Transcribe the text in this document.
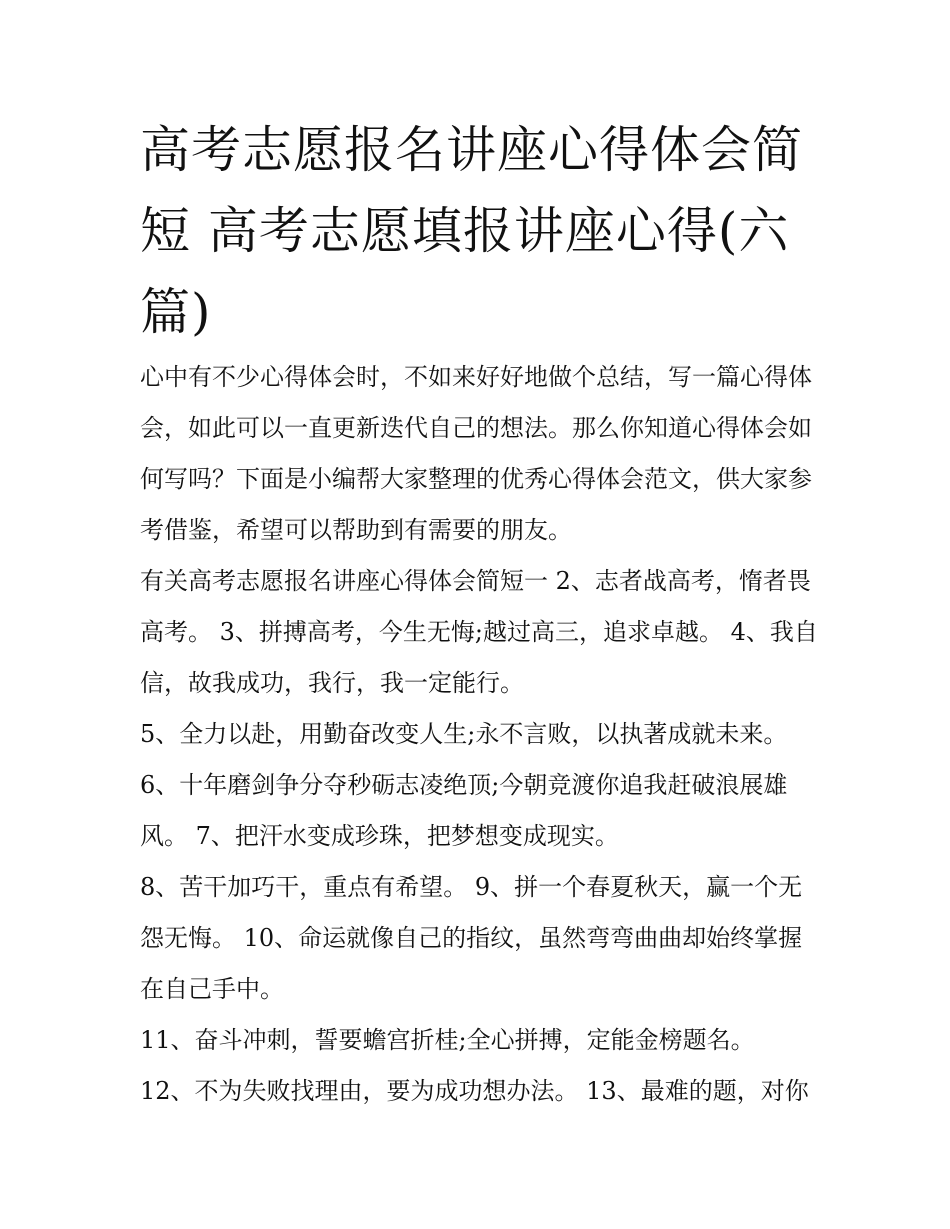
高考志愿报名讲座心得体会简短 高考志愿填报讲座心得(六篇)

心中有不少心得体会时，不如来好好地做个总结，写一篇心得体会，如此可以一直更新迭代自己的想法。那么你知道心得体会如何写吗？下面是小编帮大家整理的优秀心得体会范文，供大家参考借鉴，希望可以帮助到有需要的朋友。

有关高考志愿报名讲座心得体会简短一 2、志者战高考，惰者畏高考。 3、拼搏高考，今生无悔;越过高三，追求卓越。 4、我自信，故我成功，我行，我一定能行。

5、全力以赴，用勤奋改变人生;永不言败，以执著成就未来。

6、十年磨剑争分夺秒砺志凌绝顶;今朝竞渡你追我赶破浪展雄风。 7、把汗水变成珍珠，把梦想变成现实。

8、苦干加巧干，重点有希望。 9、拼一个春夏秋天，赢一个无怨无悔。 10、命运就像自己的指纹，虽然弯弯曲曲却始终掌握在自己手中。

11、奋斗冲刺，誓要蟾宫折桂;全心拼搏，定能金榜题名。

12、不为失败找理由，要为成功想办法。 13、最难的题，对你
